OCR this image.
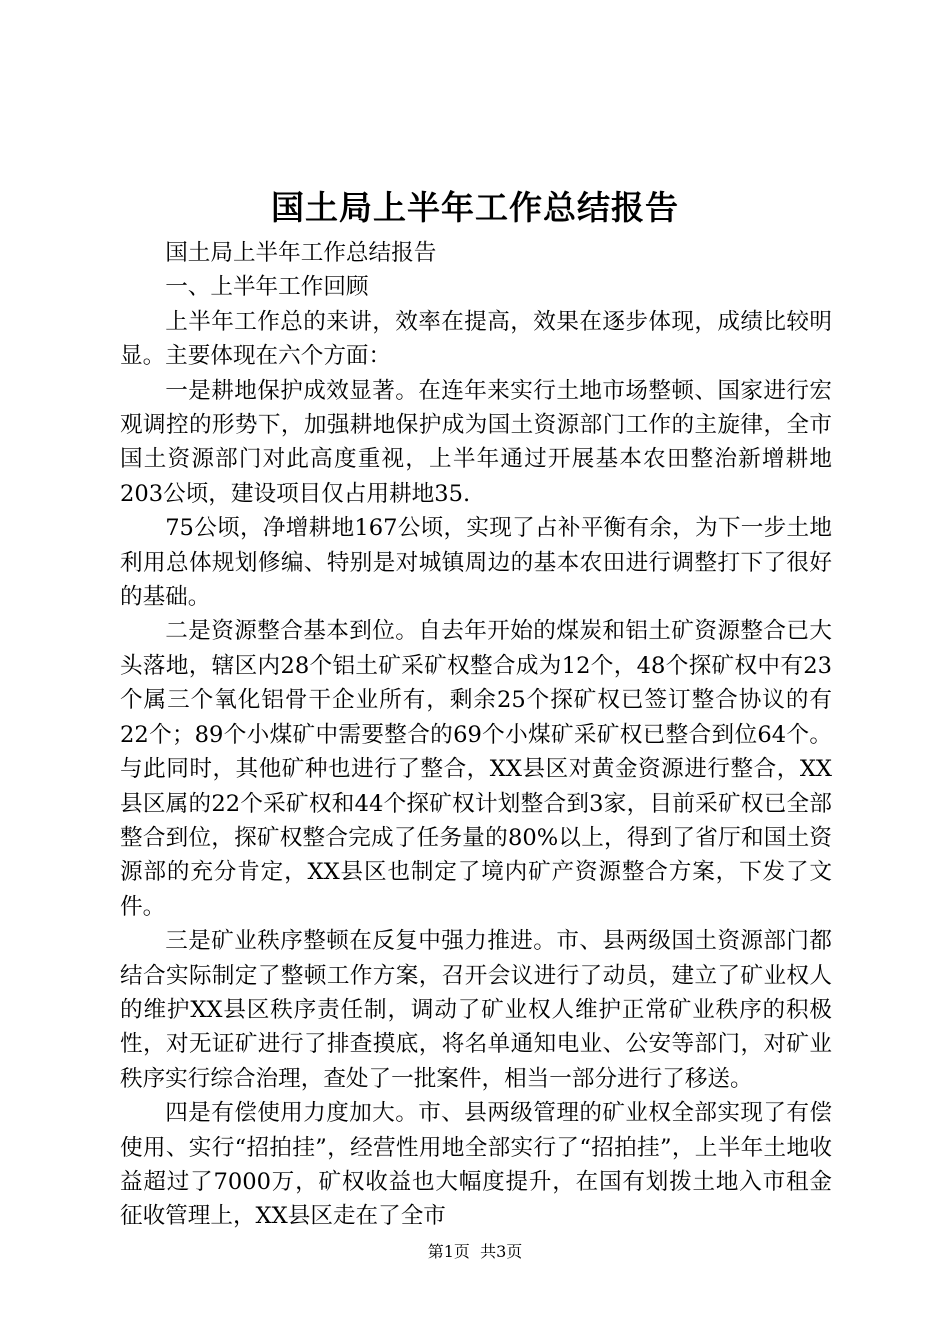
国土局上半年工作总结报告

国土局上半年工作总结报告

一、上半年工作回顾

上半年工作总的来讲，效率在提高，效果在逐步体现，成绩比较明显。主要体现在六个方面：

一是耕地保护成效显著。在连年来实行土地市场整顿、国家进行宏观调控的形势下，加强耕地保护成为国土资源部门工作的主旋律，全市国土资源部门对此高度重视，上半年通过开展基本农田整治新增耕地203公顷，建设项目仅占用耕地35.

75公顷，净增耕地167公顷，实现了占补平衡有余，为下一步土地利用总体规划修编、特别是对城镇周边的基本农田进行调整打下了很好的基础。

二是资源整合基本到位。自去年开始的煤炭和铝土矿资源整合已大头落地，辖区内28个铝土矿采矿权整合成为12个，48个探矿权中有23个属三个氧化铝骨干企业所有，剩余25个探矿权已签订整合协议的有22个；89个小煤矿中需要整合的69个小煤矿采矿权已整合到位64个。与此同时，其他矿种也进行了整合，XX县区对黄金资源进行整合，XX县区属的22个采矿权和44个探矿权计划整合到3家，目前采矿权已全部整合到位，探矿权整合完成了任务量的80%以上，得到了省厅和国土资源部的充分肯定，XX县区也制定了境内矿产资源整合方案，下发了文件。

三是矿业秩序整顿在反复中强力推进。市、县两级国土资源部门都结合实际制定了整顿工作方案，召开会议进行了动员，建立了矿业权人的维护XX县区秩序责任制，调动了矿业权人维护正常矿业秩序的积极性，对无证矿进行了排查摸底，将名单通知电业、公安等部门，对矿业秩序实行综合治理，查处了一批案件，相当一部分进行了移送。

四是有偿使用力度加大。市、县两级管理的矿业权全部实现了有偿使用、实行“招拍挂”，经营性用地全部实行了“招拍挂”，上半年土地收益超过了7000万，矿权收益也大幅度提升，在国有划拨土地入市租金征收管理上，XX县区走在了全市

第1页  共3页
